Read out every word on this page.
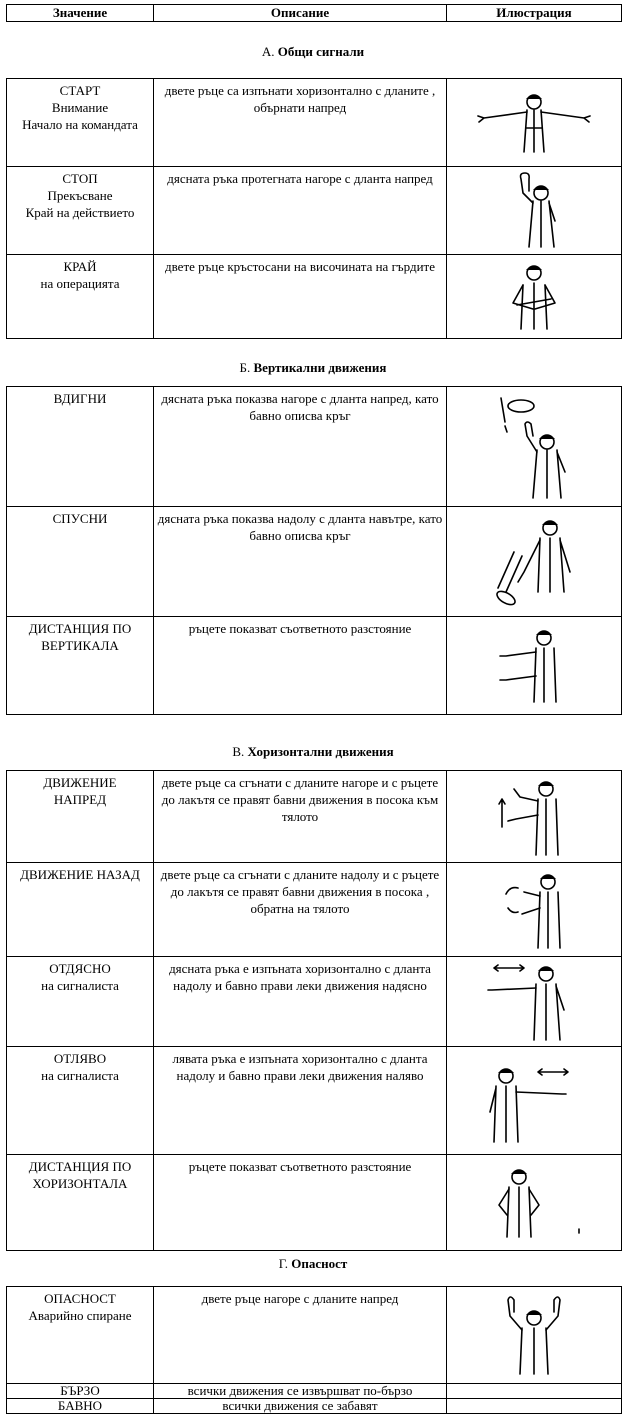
Значение	Описание	Илюстрация
А. Общи сигнали
СТАРТ
Внимание
Начало на командата	двете ръце са изпънати хоризонтално с дланите , обърнати напред	

СТОП
Прекъсване
Край на действието	дясната ръка протегната нагоре с дланта напред	

КРАЙ
на операцията	двете ръце кръстосани на височината на гърдите	
Б. Вертикални движения
ВДИГНИ	дясната ръка показва нагоре с дланта напред, като бавно описва кръг	

СПУСНИ	дясната ръка показва надолу с дланта навътре, като бавно описва кръг	

ДИСТАНЦИЯ ПО
ВЕРТИКАЛА	ръцете показват съответното разстояние	
В. Хоризонтални движения
ДВИЖЕНИЕ
НАПРЕД	двете ръце са сгънати с дланите нагоре и с ръцете до лакътя се правят бавни движения в посока към тялото	

ДВИЖЕНИЕ НАЗАД	двете ръце са сгънати с дланите надолу и с ръцете до лакътя се правят бавни движения в посока , обратна на тялото	

ОТДЯСНО
на сигналиста	дясната ръка е изпъната хоризонтално с дланта надолу и бавно прави леки движения надясно	

ОТЛЯВО
на сигналиста	лявата ръка е изпъната хоризонтално с дланта надолу и бавно прави леки движения наляво	

ДИСТАНЦИЯ ПО
ХОРИЗОНТАЛА	ръцете показват съответното разстояние	
Г. Опасност
ОПАСНОСТ
Аварийно спиране	двете ръце нагоре с дланите напред	

БЪРЗО	всички движения се извършват по-бързо	
БАВНО	всички движения се забавят	
